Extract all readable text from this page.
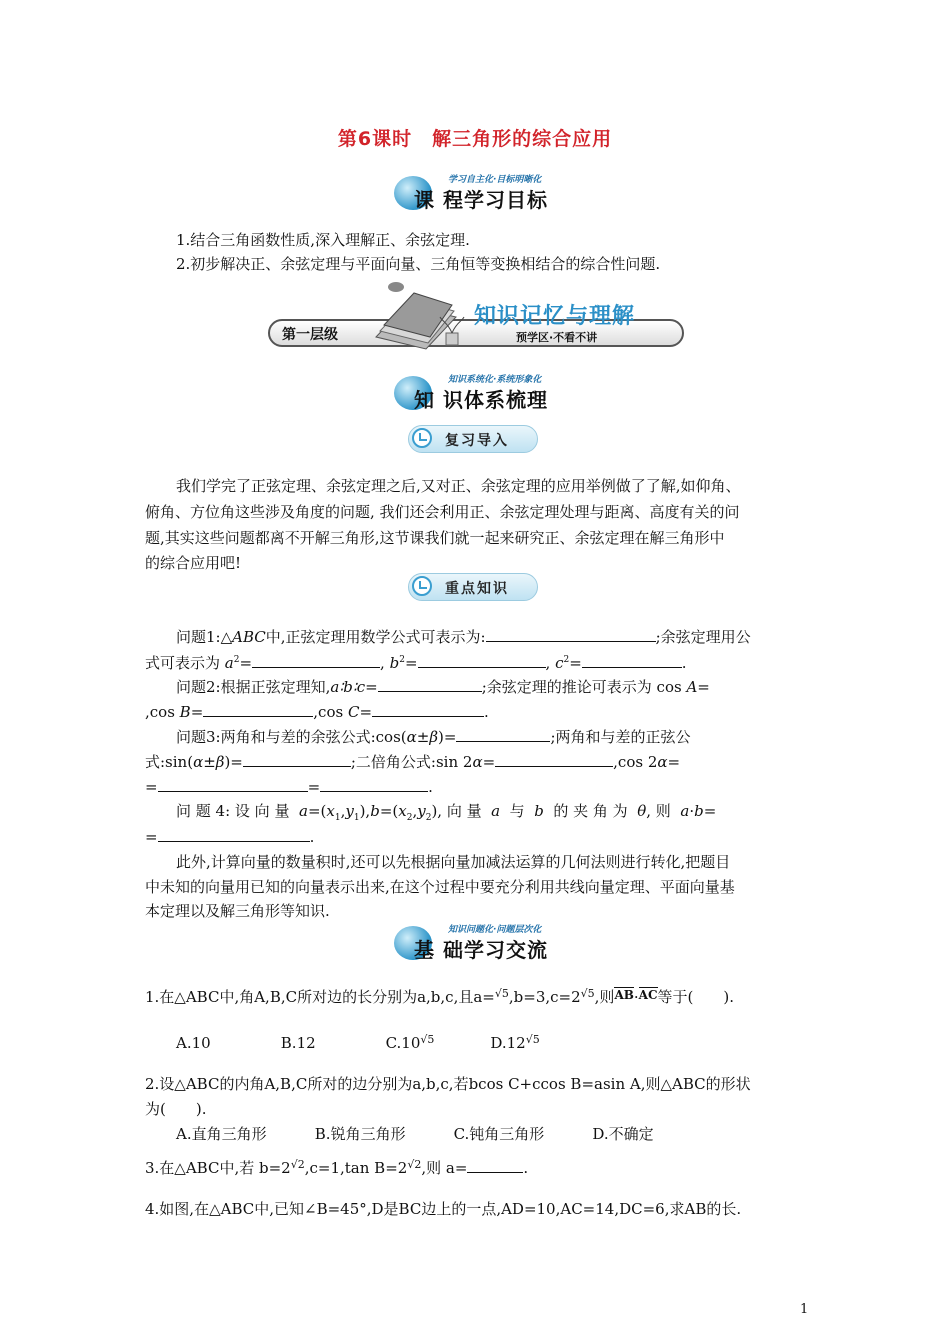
第6课时　解三角形的综合应用
学习自主化·目标明晰化
课 程学习目标
1.结合三角函数性质,深入理解正、余弦定理.
2.初步解决正、余弦定理与平面向量、三角恒等变换相结合的综合性问题.
第一层级
知识记忆与理解
预学区·不看不讲
知识系统化·系统形象化
知 识体系梳理
复习导入
我们学完了正弦定理、余弦定理之后,又对正、余弦定理的应用举例做了了解,如仰角、
俯角、方位角这些涉及角度的问题, 我们还会利用正、余弦定理处理与距离、高度有关的问
题,其实这些问题都离不开解三角形,这节课我们就一起来研究正、余弦定理在解三角形中
的综合应用吧!
重点知识
问题1:△ABC中,正弦定理用数学公式可表示为:	;余弦定理用公
式可表示为 $a^2=$	, $b^2=$	, $c^2=$	.
问题2:根据正弦定理知,a∶b∶c=	;余弦定理的推论可表示为 cos A=
,cos B=	,cos C=	.
问题3:两角和与差的余弦公式:cos(α±β)=	;两角和与差的正弦公
式:sin(α±β)=	;二倍角公式:sin 2α=	,cos 2α=
=	=	.
问 题 4: 设 向 量 $a=(x_1,y_1),b=(x_2,y_2)$, 向 量 a 与 b 的 夹 角 为 θ, 则 a·b=
=	.
此外,计算向量的数量积时,还可以先根据向量加减法运算的几何法则进行转化,把题目
中未知的向量用已知的向量表示出来,在这个过程中要充分利用共线向量定理、平面向量基
本定理以及解三角形等知识.
知识问题化·问题层次化
基 础学习交流
1.在△ABC中,角A,B,C所对边的长分别为a,b,c,且$a=^{√5},b=3,c=2^{√5}$,则$^{AB}$·$^{AC}$等于(　　).
A.10	B.12	$C.10^{√5}$	$D.12^{√5}$
2.设△ABC的内角A,B,C所对的边分别为a,b,c,若bcos C+ccos B=asin A,则△ABC的形状
为(　　).
A.直角三角形	B.锐角三角形	C.钝角三角形	D.不确定
3.在△ABC中,若 $b=2^{√2},c=1,\tan$ $B=2^{√2}$,则 a=	.
4.如图,在△ABC中,已知∠B=45°,D是BC边上的一点,AD=10,AC=14,DC=6,求AB的长.
1
